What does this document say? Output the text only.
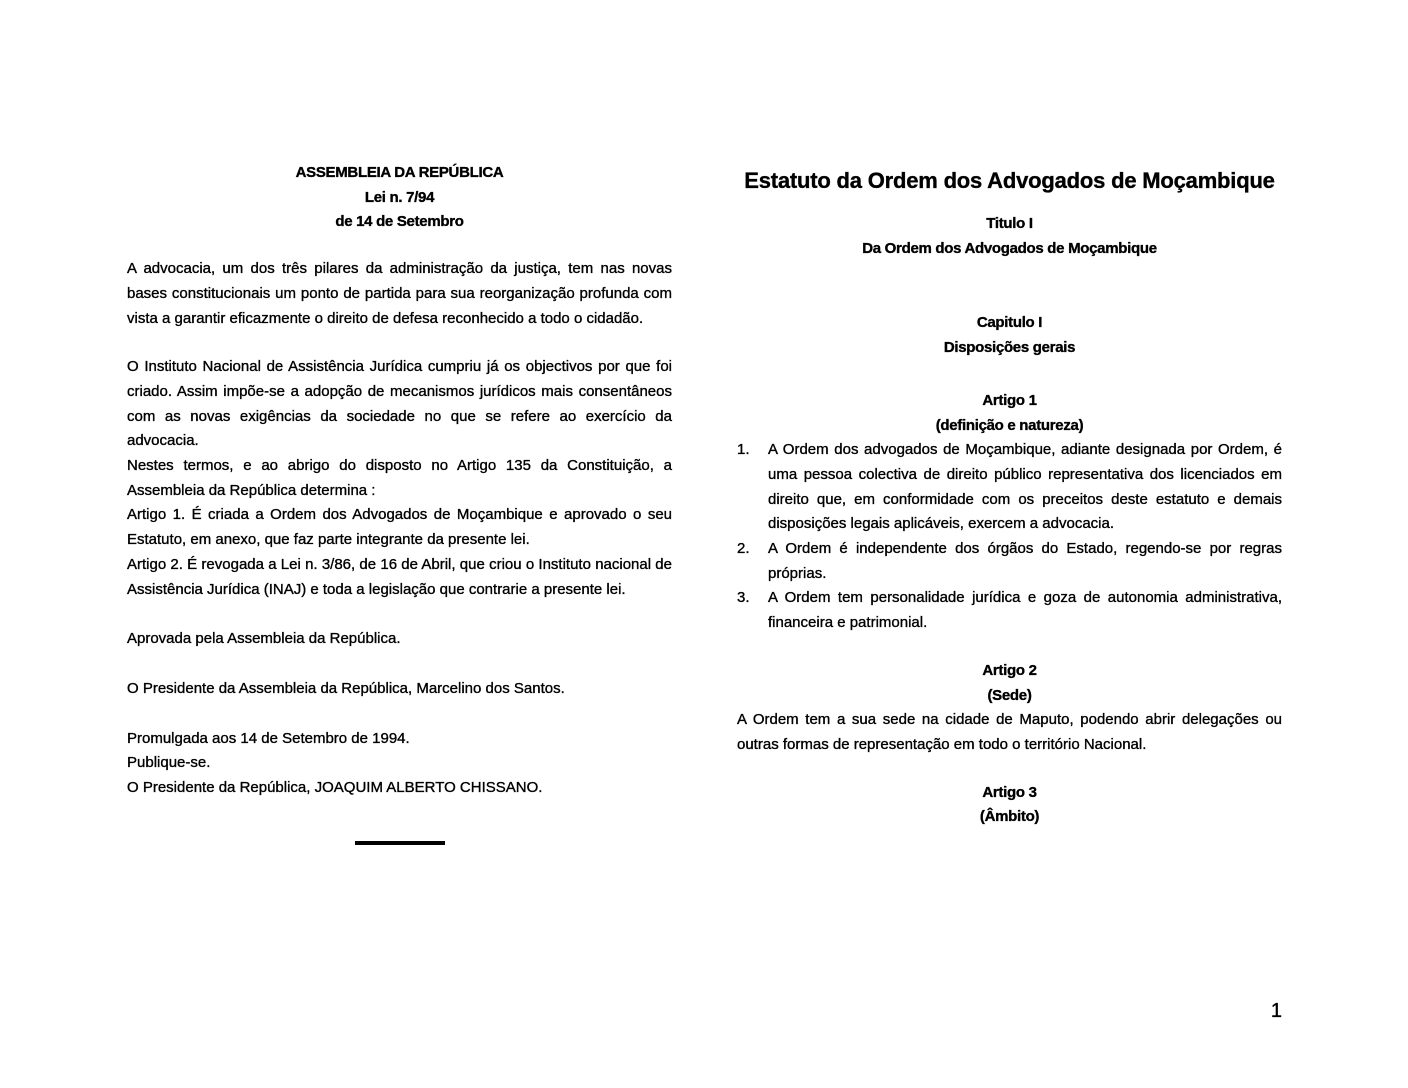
ASSEMBLEIA DA REPÚBLICA

Lei n. 7/94

de 14 de Setembro

A advocacia, um dos três pilares da administração da justiça, tem nas novas bases constitucionais um ponto de partida para sua reorganização profunda com vista a garantir eficazmente o direito de defesa reconhecido a todo o cidadão.

O Instituto Nacional de Assistência Jurídica cumpriu já os objectivos por que foi criado. Assim impõe-se a adopção de mecanismos jurídicos mais consentâneos com as novas exigências da sociedade no que se refere ao exercício da advocacia.

Nestes termos, e ao abrigo do disposto no Artigo 135 da Constituição, a Assembleia da República determina :

Artigo 1. É criada a Ordem dos Advogados de Moçambique e aprovado o seu Estatuto, em anexo, que faz parte integrante da presente lei.

Artigo 2. É revogada a Lei n. 3/86, de 16 de Abril, que criou o Instituto nacional de Assistência Jurídica (INAJ) e toda a legislação que contrarie a presente lei.

Aprovada pela Assembleia da República.

O Presidente da Assembleia da República, Marcelino dos Santos.

Promulgada aos 14 de Setembro de 1994.

Publique-se.

O Presidente da República, JOAQUIM ALBERTO CHISSANO.

Estatuto da Ordem dos Advogados de Moçambique

Titulo I

Da Ordem dos Advogados de Moçambique

Capitulo I

Disposições gerais

Artigo 1

(definição e natureza)

1. A Ordem dos advogados de Moçambique, adiante designada por Ordem, é uma pessoa colectiva de direito público representativa dos licenciados em direito que, em conformidade com os preceitos deste estatuto e demais disposições legais aplicáveis, exercem a advocacia.
2. A Ordem é independente dos órgãos do Estado, regendo-se por regras próprias.
3. A Ordem tem personalidade jurídica e goza de autonomia administrativa, financeira e patrimonial.

Artigo 2

(Sede)

A Ordem tem a sua sede na cidade de Maputo, podendo abrir delegações ou outras formas de representação em todo o território Nacional.

Artigo 3

(Âmbito)

1
